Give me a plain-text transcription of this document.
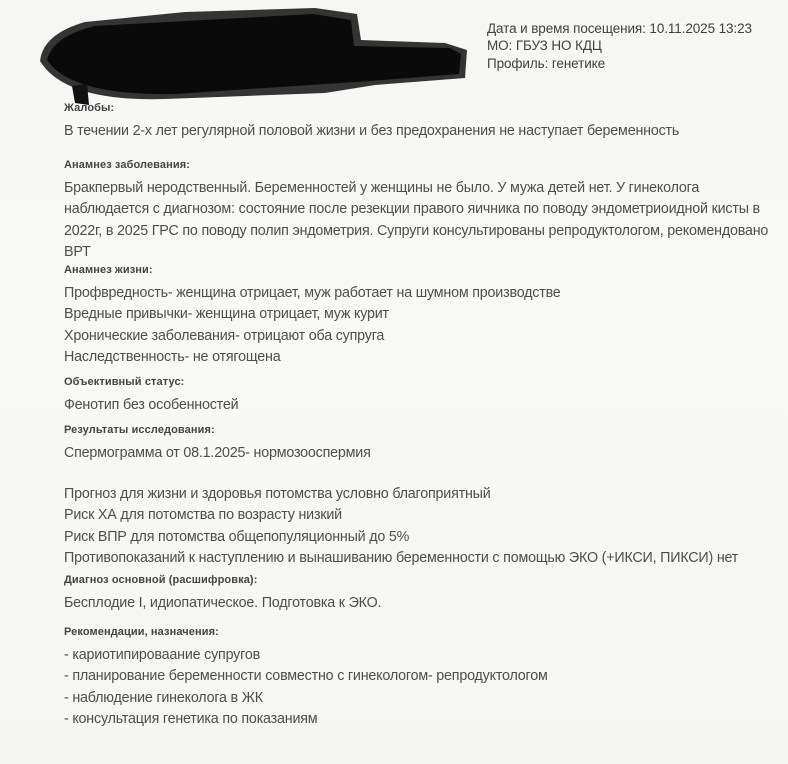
Дата и время посещения: 10.11.2025 13:23
МО: ГБУЗ НО КДЦ
Профиль: генетике
Жалобы:
В течении 2-х лет регулярной половой жизни и без предохранения не наступает беременность
Анамнез заболевания:
Бракпервый неродственный. Беременностей у женщины не было. У мужа детей нет. У гинеколога
наблюдается с диагнозом: состояние после резекции правого яичника по поводу эндометриоидной кисты в
2022г, в 2025 ГРС по поводу полип эндометрия. Супруги консультированы репродуктологом, рекомендовано
ВРТ
Анамнез жизни:
Профвредность- женщина отрицает, муж работает на шумном производстве
Вредные привычки- женщина отрицает, муж курит
Хронические заболевания- отрицают оба супруга
Наследственность- не отягощена
Объективный статус:
Фенотип без особенностей
Результаты исследования:
Спермограмма от 08.1.2025- нормозооспермия
Прогноз для жизни и здоровья потомства условно благоприятный
Риск ХА для потомства по возрасту низкий
Риск ВПР для потомства общепопуляционный до 5%
Противопоказаний к наступлению и вынашиванию беременности с помощью ЭКО (+ИКСИ, ПИКСИ) нет
Диагноз основной (расшифровка):
Бесплодие I, идиопатическое. Подготовка к ЭКО.
Рекомендации, назначения:
- кариотипироваание супругов
- планирование беременности совместно с гинекологом- репродуктологом
- наблюдение гинеколога в ЖК
- консультация генетика по показаниям
